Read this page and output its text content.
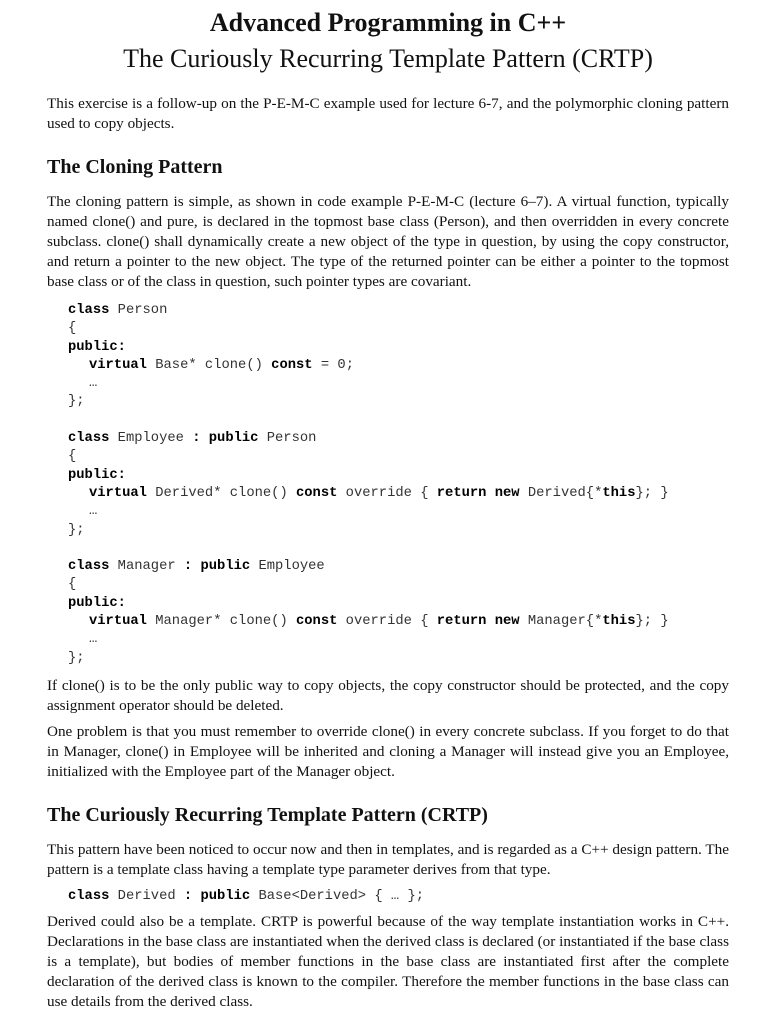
Advanced Programming in C++
The Curiously Recurring Template Pattern (CRTP)

This exercise is a follow-up on the P-E-M-C example used for lecture 6-7, and the polymorphic cloning pattern used to copy objects.

The Cloning Pattern

The cloning pattern is simple, as shown in code example P-E-M-C (lecture 6–7). A virtual function, typically named clone() and pure, is declared in the topmost base class (Person), and then overridden in every concrete subclass. clone() shall dynamically create a new object of the type in question, by using the copy constructor, and return a pointer to the new object. The type of the returned pointer can be either a pointer to the topmost base class or of the class in question, such pointer types are covariant.

class Person
{
public:
virtual Base* clone() const = 0;
…
};
class Employee : public Person
{
public:
virtual Derived* clone() const override { return new Derived{*this}; }
…
};
class Manager : public Employee
{
public:
virtual Manager* clone() const override { return new Manager{*this}; }
…
};

If clone() is to be the only public way to copy objects, the copy constructor should be protected, and the copy assignment operator should be deleted.

One problem is that you must remember to override clone() in every concrete subclass. If you forget to do that in Manager, clone() in Employee will be inherited and cloning a Manager will instead give you an Employee, initialized with the Employee part of the Manager object.

The Curiously Recurring Template Pattern (CRTP)

This pattern have been noticed to occur now and then in templates, and is regarded as a C++ design pattern. The pattern is a template class having a template type parameter derives from that type.

class Derived : public Base<Derived> { … };

Derived could also be a template. CRTP is powerful because of the way template instantiation works in C++. Declarations in the base class are instantiated when the derived class is declared (or instantiated if the base class is a template), but bodies of member functions in the base class are instantiated first after the complete declaration of the derived class is known to the compiler. Therefore the member functions in the base class can use details from the derived class.
